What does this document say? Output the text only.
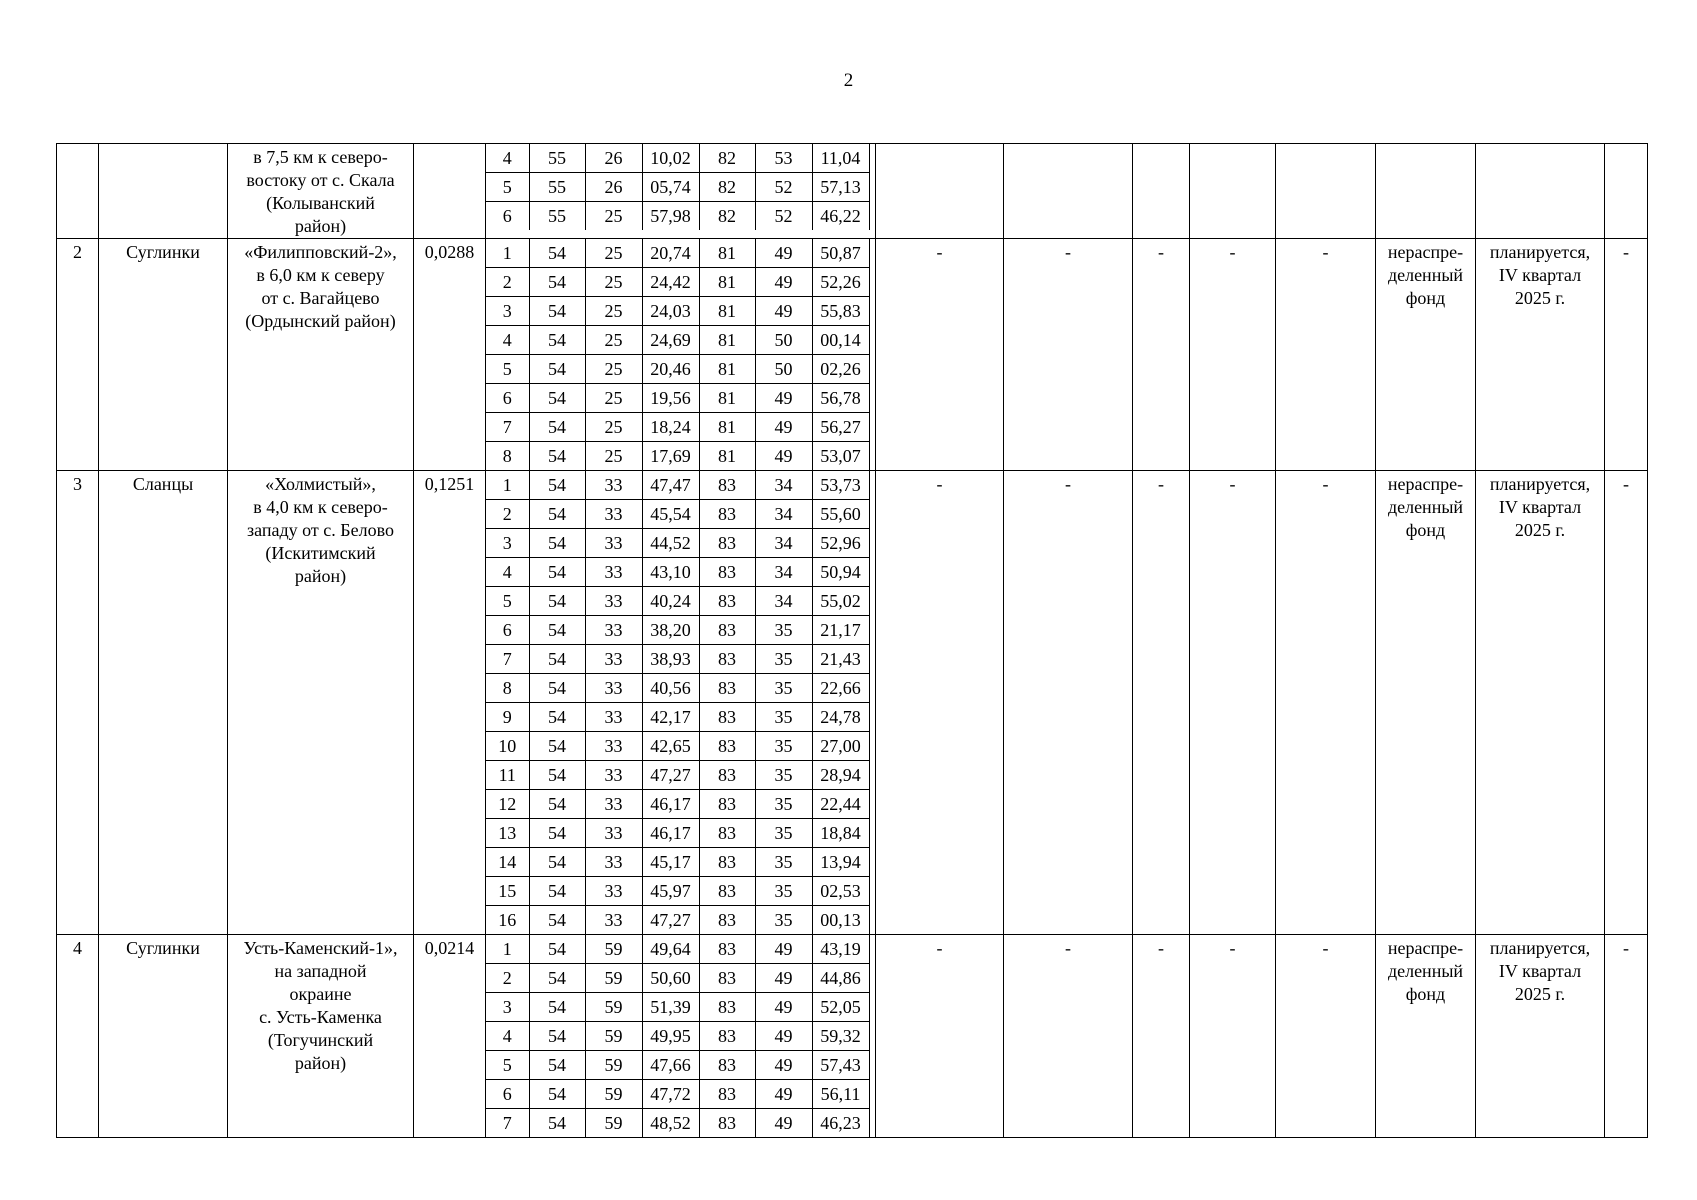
2

в 7,5 км к северо-
востоку от с. Скала
(Колыванский
район)

4	55	26	10,02	82	53	11,04	
5	55	26	05,74	82	52	57,13	
6	55	25	57,98	82	52	46,22	

2	Суглинки	«Филипповский-2»,
в 6,0 км к северу
от с. Вагайцево
(Ордынский район)
	0,0288	1	54	25	20,74	81	49	50,87	
2	54	25	24,42	81	49	52,26	
3	54	25	24,03	81	49	55,83	
4	54	25	24,69	81	50	00,14	
5	54	25	20,46	81	50	02,26	
6	54	25	19,56	81	49	56,78	
7	54	25	18,24	81	49	56,27	
8	54	25	17,69	81	49	53,07	
	-	-	-	-	-	нераспре-
деленный
фонд

планируется,
IV квартал
2025 г.
	-
3	Сланцы	«Холмистый»,
в 4,0 км к северо-
западу от с. Белово
(Искитимский
район)
	0,1251	1	54	33	47,47	83	34	53,73	
2	54	33	45,54	83	34	55,60	
3	54	33	44,52	83	34	52,96	
4	54	33	43,10	83	34	50,94	
5	54	33	40,24	83	34	55,02	
6	54	33	38,20	83	35	21,17	
7	54	33	38,93	83	35	21,43	
8	54	33	40,56	83	35	22,66	
9	54	33	42,17	83	35	24,78	
10	54	33	42,65	83	35	27,00	
11	54	33	47,27	83	35	28,94	
12	54	33	46,17	83	35	22,44	
13	54	33	46,17	83	35	18,84	
14	54	33	45,17	83	35	13,94	
15	54	33	45,97	83	35	02,53	
16	54	33	47,27	83	35	00,13	
	-	-	-	-	-	нераспре-
деленный
фонд

планируется,
IV квартал
2025 г.
	-
4	Суглинки	Усть-Каменский-1»,
на западной
окраине
с. Усть-Каменка
(Тогучинский
район)
	0,0214	1	54	59	49,64	83	49	43,19	
2	54	59	50,60	83	49	44,86	
3	54	59	51,39	83	49	52,05	
4	54	59	49,95	83	49	59,32	
5	54	59	47,66	83	49	57,43	
6	54	59	47,72	83	49	56,11	
7	54	59	48,52	83	49	46,23	
	-	-	-	-	-	нераспре-
деленный
фонд

планируется,
IV квартал
2025 г.
	-
